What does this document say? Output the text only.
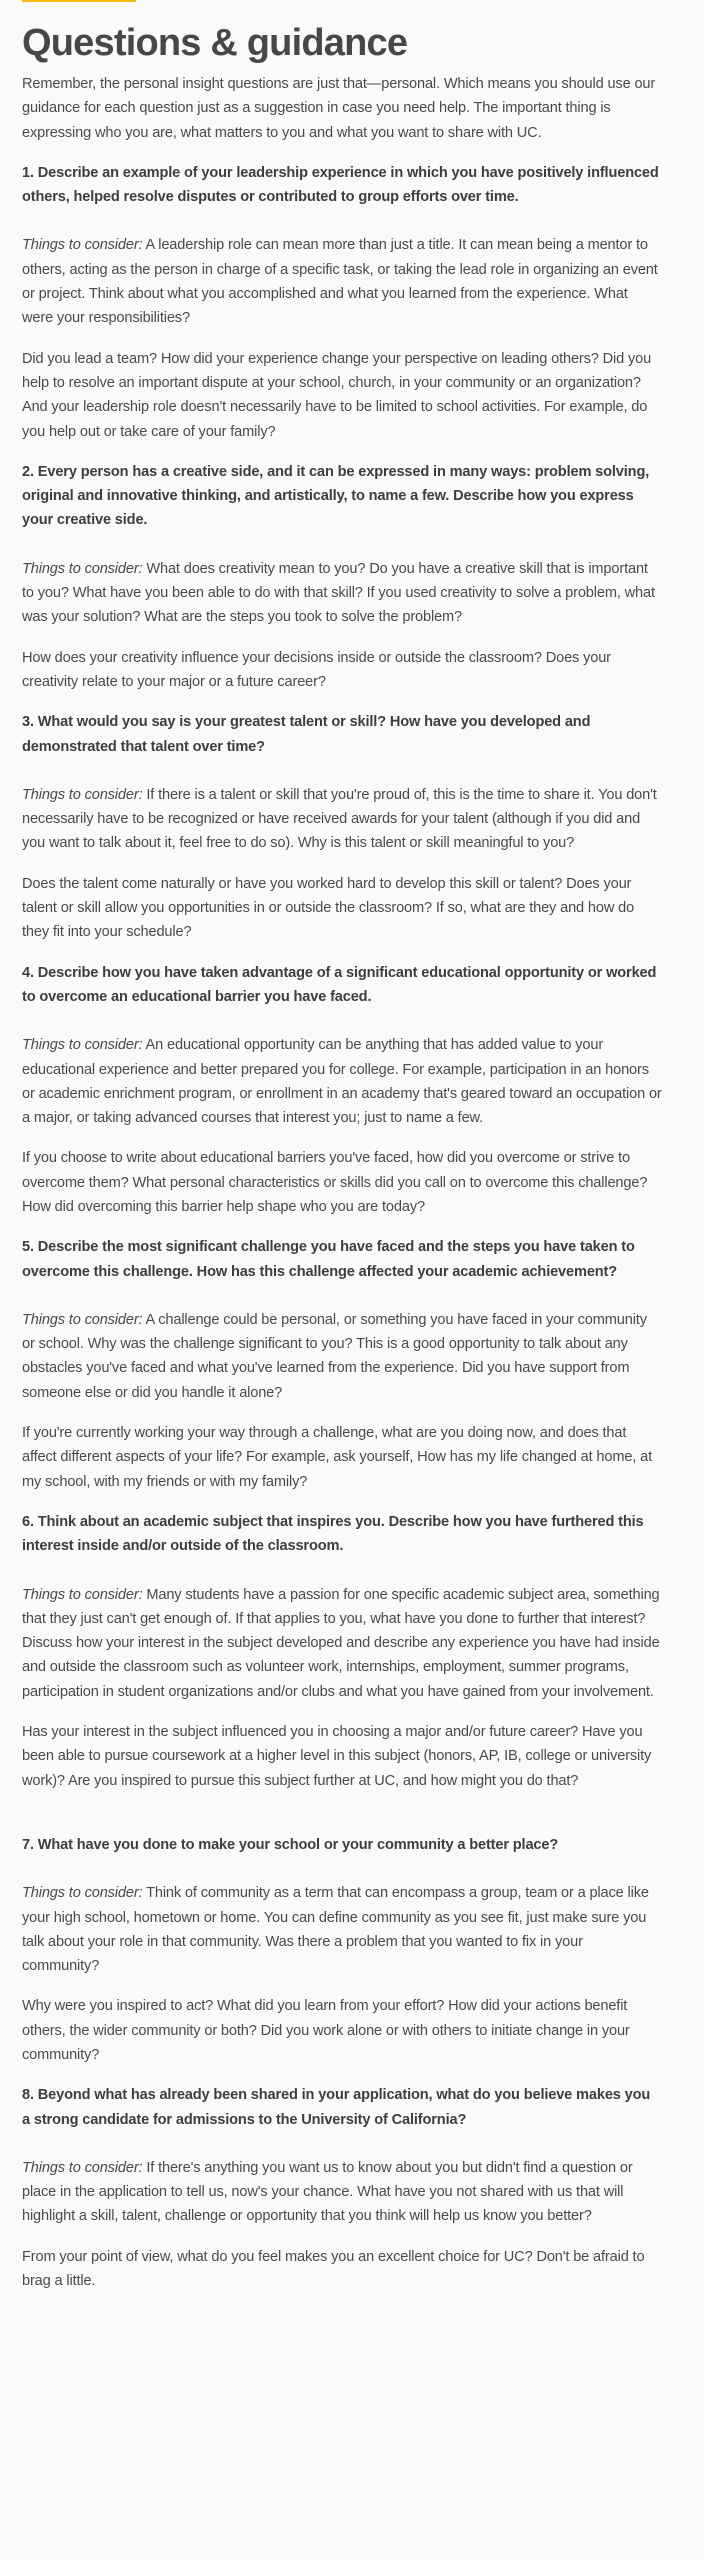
Questions & guidance

Remember, the personal insight questions are just that—personal. Which means you should use our guidance for each question just as a suggestion in case you need help. The important thing is expressing who you are, what matters to you and what you want to share with UC.

1. Describe an example of your leadership experience in which you have positively influenced others, helped resolve disputes or contributed to group efforts over time.

Things to consider: A leadership role can mean more than just a title. It can mean being a mentor to others, acting as the person in charge of a specific task, or taking the lead role in organizing an event or project. Think about what you accomplished and what you learned from the experience. What were your responsibilities?

Did you lead a team? How did your experience change your perspective on leading others? Did you help to resolve an important dispute at your school, church, in your community or an organization? And your leadership role doesn't necessarily have to be limited to school activities. For example, do you help out or take care of your family?

2. Every person has a creative side, and it can be expressed in many ways: problem solving, original and innovative thinking, and artistically, to name a few. Describe how you express your creative side.

Things to consider: What does creativity mean to you? Do you have a creative skill that is important to you? What have you been able to do with that skill? If you used creativity to solve a problem, what was your solution? What are the steps you took to solve the problem?

How does your creativity influence your decisions inside or outside the classroom? Does your creativity relate to your major or a future career?

3. What would you say is your greatest talent or skill? How have you developed and demonstrated that talent over time?

Things to consider: If there is a talent or skill that you're proud of, this is the time to share it. You don't necessarily have to be recognized or have received awards for your talent (although if you did and you want to talk about it, feel free to do so). Why is this talent or skill meaningful to you?

Does the talent come naturally or have you worked hard to develop this skill or talent? Does your talent or skill allow you opportunities in or outside the classroom? If so, what are they and how do they fit into your schedule?

4. Describe how you have taken advantage of a significant educational opportunity or worked to overcome an educational barrier you have faced.

Things to consider: An educational opportunity can be anything that has added value to your educational experience and better prepared you for college. For example, participation in an honors or academic enrichment program, or enrollment in an academy that's geared toward an occupation or a major, or taking advanced courses that interest you; just to name a few.

If you choose to write about educational barriers you've faced, how did you overcome or strive to overcome them? What personal characteristics or skills did you call on to overcome this challenge? How did overcoming this barrier help shape who you are today?

5. Describe the most significant challenge you have faced and the steps you have taken to overcome this challenge. How has this challenge affected your academic achievement?

Things to consider: A challenge could be personal, or something you have faced in your community or school. Why was the challenge significant to you? This is a good opportunity to talk about any obstacles you've faced and what you've learned from the experience. Did you have support from someone else or did you handle it alone?

If you're currently working your way through a challenge, what are you doing now, and does that affect different aspects of your life? For example, ask yourself, How has my life changed at home, at my school, with my friends or with my family?

6. Think about an academic subject that inspires you. Describe how you have furthered this interest inside and/or outside of the classroom.

Things to consider: Many students have a passion for one specific academic subject area, something that they just can't get enough of. If that applies to you, what have you done to further that interest? Discuss how your interest in the subject developed and describe any experience you have had inside and outside the classroom such as volunteer work, internships, employment, summer programs, participation in student organizations and/or clubs and what you have gained from your involvement.

Has your interest in the subject influenced you in choosing a major and/or future career? Have you been able to pursue coursework at a higher level in this subject (honors, AP, IB, college or university work)? Are you inspired to pursue this subject further at UC, and how might you do that?

7. What have you done to make your school or your community a better place?

Things to consider: Think of community as a term that can encompass a group, team or a place like your high school, hometown or home. You can define community as you see fit, just make sure you talk about your role in that community. Was there a problem that you wanted to fix in your community?

Why were you inspired to act? What did you learn from your effort? How did your actions benefit others, the wider community or both? Did you work alone or with others to initiate change in your community?

8. Beyond what has already been shared in your application, what do you believe makes you a strong candidate for admissions to the University of California?

Things to consider: If there's anything you want us to know about you but didn't find a question or place in the application to tell us, now's your chance. What have you not shared with us that will highlight a skill, talent, challenge or opportunity that you think will help us know you better?

From your point of view, what do you feel makes you an excellent choice for UC? Don't be afraid to brag a little.
